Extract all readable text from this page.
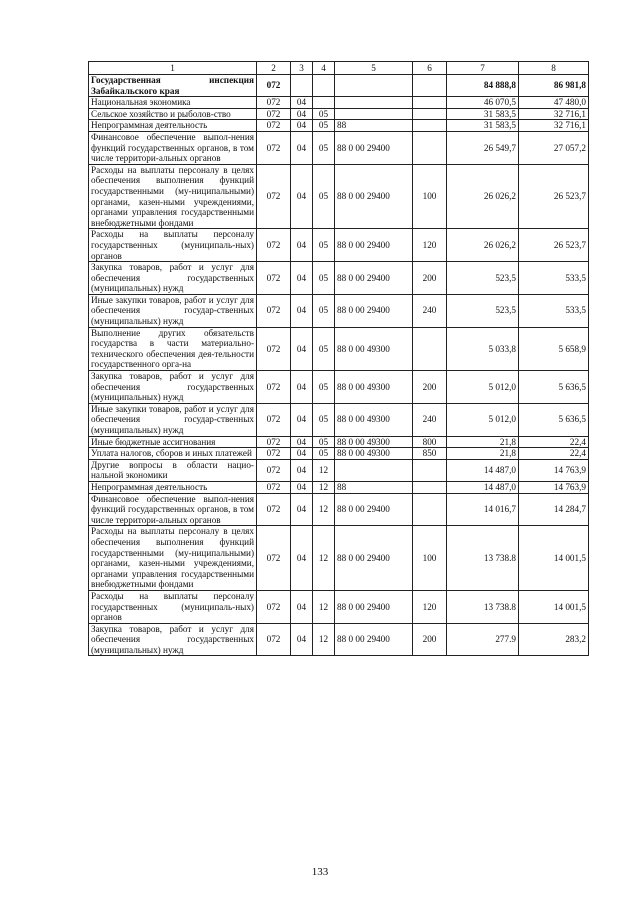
1	2	3	4	5	6	7	8
Государственная инспекция Забайкальского края	072					84 888,8	86 981,8
Национальная экономика	072	04				46 070,5	47 480,0
Сельское хозяйство и рыболов-ство	072	04	05			31 583,5	32 716,1
Непрограммная деятельность	072	04	05	88		31 583,5	32 716,1
Финансовое обеспечение выпол-нения функций государственных органов, в том числе территори-альных органов	072	04	05	88 0 00 29400		26 549,7	27 057,2
Расходы на выплаты персоналу в целях обеспечения выполнения функций государственными (му-ниципальными) органами, казен-ными учреждениями, органами управления государственными внебюджетными фондами	072	04	05	88 0 00 29400	100	26 026,2	26 523,7
Расходы на выплаты персоналу государственных (муниципаль-ных) органов	072	04	05	88 0 00 29400	120	26 026,2	26 523,7
Закупка товаров, работ и услуг для обеспечения государственных (муниципальных) нужд	072	04	05	88 0 00 29400	200	523,5	533,5
Иные закупки товаров, работ и услуг для обеспечения государ-ственных (муниципальных) нужд	072	04	05	88 0 00 29400	240	523,5	533,5
Выполнение других обязательств государства в части материально-технического обеспечения дея-тельности государственного орга-на	072	04	05	88 0 00 49300		5 033,8	5 658,9
Закупка товаров, работ и услуг для обеспечения государственных (муниципальных) нужд	072	04	05	88 0 00 49300	200	5 012,0	5 636,5
Иные закупки товаров, работ и услуг для обеспечения государ-ственных (муниципальных) нужд	072	04	05	88 0 00 49300	240	5 012,0	5 636,5
Иные бюджетные ассигнования	072	04	05	88 0 00 49300	800	21,8	22,4
Уплата налогов, сборов и иных платежей	072	04	05	88 0 00 49300	850	21,8	22,4
Другие вопросы в области нацио-нальной экономики	072	04	12			14 487,0	14 763,9
Непрограммная деятельность	072	04	12	88		14 487,0	14 763,9
Финансовое обеспечение выпол-нения функций государственных органов, в том числе территори-альных органов	072	04	12	88 0 00 29400		14 016,7	14 284,7
Расходы на выплаты персоналу в целях обеспечения выполнения функций государственными (му-ниципальными) органами, казен-ными учреждениями, органами управления государственными внебюджетными фондами	072	04	12	88 0 00 29400	100	13 738.8	14 001,5
Расходы на выплаты персоналу государственных (муниципаль-ных) органов	072	04	12	88 0 00 29400	120	13 738.8	14 001,5
Закупка товаров, работ и услуг для обеспечения государственных (муниципальных) нужд	072	04	12	88 0 00 29400	200	277.9	283,2
133
